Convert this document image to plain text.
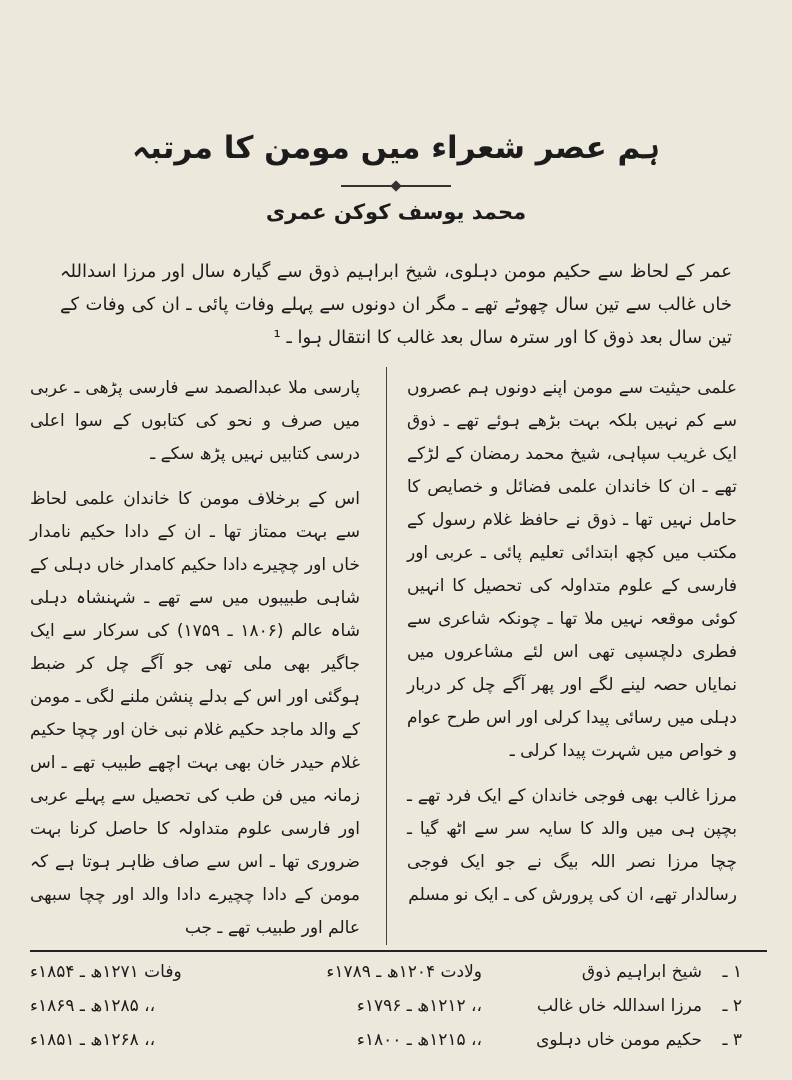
ہم عصر شعراء میں مومن کا مرتبہ
محمد یوسف کوکن عمری

عمر کے لحاظ سے حکیم مومن دہلوی، شیخ ابراہیم ذوق سے گیارہ سال اور مرزا اسداللہ خاں غالب سے تین سال چھوٹے تھے ـ مگر ان دونوں سے پہلے وفات پائی ـ ان کی وفات کے تین سال بعد ذوق کا اور سترہ سال بعد غالب کا انتقال ہوا ـ ¹

علمی حیثیت سے مومن اپنے دونوں ہم عصروں سے کم نہیں بلکہ بہت بڑھے ہوئے تھے ـ ذوق ایک غریب سپاہی، شیخ محمد رمضان کے لڑکے تھے ـ ان کا خاندان علمی فضائل و خصایص کا حامل نہیں تھا ـ ذوق نے حافظ غلام رسول کے مکتب میں کچھ ابتدائی تعلیم پائی ـ عربی اور فارسی کے علوم متداولہ کی تحصیل کا انہیں کوئی موقعہ نہیں ملا تھا ـ چونکہ شاعری سے فطری دلچسپی تھی اس لئے مشاعروں میں نمایاں حصہ لینے لگے اور پھر آگے چل کر دربار دہلی میں رسائی پیدا کرلی اور اس طرح عوام و خواص میں شہرت پیدا کرلی ـ

مرزا غالب بھی فوجی خاندان کے ایک فرد تھے ـ بچپن ہی میں والد کا سایہ سر سے اٹھ گیا ـ چچا مرزا نصر اللہ بیگ نے جو ایک فوجی رسالدار تھے، ان کی پرورش کی ـ ایک نو مسلم

پارسی ملا عبدالصمد سے فارسی پڑھی ـ عربی میں صرف و نحو کی کتابوں کے سوا اعلی درسی کتابیں نہیں پڑھ سکے ـ

اس کے برخلاف مومن کا خاندان علمی لحاظ سے بہت ممتاز تھا ـ ان کے دادا حکیم نامدار خاں اور چچیرے دادا حکیم کامدار خاں دہلی کے شاہی طبیبوں میں سے تھے ـ شہنشاہ دہلی شاہ عالم (۱۸۰۶ ـ ۱۷۵۹) کی سرکار سے ایک جاگیر بھی ملی تھی جو آگے چل کر ضبط ہوگئی اور اس کے بدلے پنشن ملنے لگی ـ مومن کے والد ماجد حکیم غلام نبی خان اور چچا حکیم غلام حیدر خان بھی بہت اچھے طبیب تھے ـ اس زمانہ میں فن طب کی تحصیل سے پہلے عربی اور فارسی علوم متداولہ کا حاصل کرنا بہت ضروری تھا ـ اس سے صاف ظاہر ہوتا ہے کہ مومن کے دادا چچیرے دادا والد اور چچا سبھی عالم اور طبیب تھے ـ جب

۱ ـ
شیخ ابراہیم ذوق
ولادت ۱۲۰۴ھ ـ ۱۷۸۹ء
وفات ۱۲۷۱ھ ـ ۱۸۵۴ء
۲ ـ
مرزا اسداللہ خاں غالب
،، ۱۲۱۲ھ ـ ۱۷۹۶ء
،، ۱۲۸۵ھ ـ ۱۸۶۹ء
۳ ـ
حکیم مومن خاں دہلوی
،، ۱۲۱۵ھ ـ ۱۸۰۰ء
،، ۱۲۶۸ھ ـ ۱۸۵۱ء
